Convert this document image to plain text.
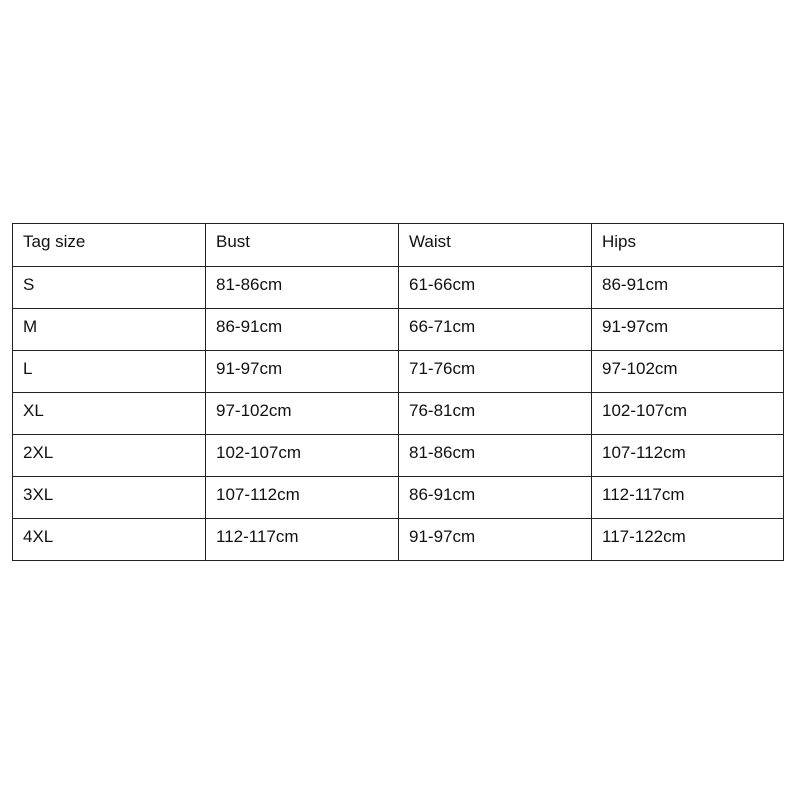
Tag size	Bust	Waist	Hips
S	81-86cm	61-66cm	86-91cm
M	86-91cm	66-71cm	91-97cm
L	91-97cm	71-76cm	97-102cm
XL	97-102cm	76-81cm	102-107cm
2XL	102-107cm	81-86cm	107-112cm
3XL	107-112cm	86-91cm	112-117cm
4XL	112-117cm	91-97cm	117-122cm
